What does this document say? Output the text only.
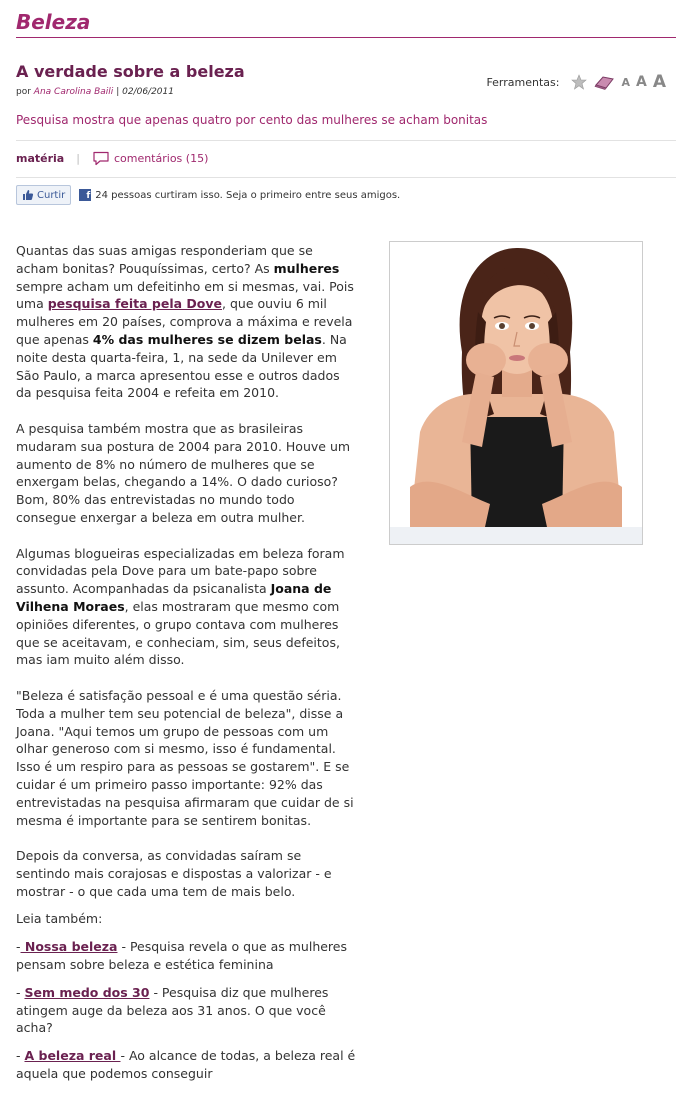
Beleza
A verdade sobre a beleza
por Ana Carolina Baili | 02/06/2011
Ferramentas:	A A A
Pesquisa mostra que apenas quatro por cento das mulheres se acham bonitas
matéria |	comentários (15)
Curtir	f 24 pessoas curtiram isso. Seja o primeiro entre seus amigos.

Quantas das suas amigas responderiam que se acham bonitas? Pouquíssimas, certo? As mulheres sempre acham um defeitinho em si mesmas, vai. Pois uma pesquisa feita pela Dove, que ouviu 6 mil mulheres em 20 países, comprova a máxima e revela que apenas 4% das mulheres se dizem belas. Na noite desta quarta-feira, 1, na sede da Unilever em São Paulo, a marca apresentou esse e outros dados da pesquisa feita 2004 e refeita em 2010.

A pesquisa também mostra que as brasileiras mudaram sua postura de 2004 para 2010. Houve um aumento de 8% no número de mulheres que se enxergam belas, chegando a 14%. O dado curioso? Bom, 80% das entrevistadas no mundo todo consegue enxergar a beleza em outra mulher.

Algumas blogueiras especializadas em beleza foram convidadas pela Dove para um bate-papo sobre assunto. Acompanhadas da psicanalista Joana de Vilhena Moraes, elas mostraram que mesmo com opiniões diferentes, o grupo contava com mulheres que se aceitavam, e conheciam, sim, seus defeitos, mas iam muito além disso.

"Beleza é satisfação pessoal e é uma questão séria. Toda a mulher tem seu potencial de beleza", disse a Joana. "Aqui temos um grupo de pessoas com um olhar generoso com si mesmo, isso é fundamental. Isso é um respiro para as pessoas se gostarem". E se cuidar é um primeiro passo importante: 92% das entrevistadas na pesquisa afirmaram que cuidar de si mesma é importante para se sentirem bonitas.

Depois da conversa, as convidadas saíram se sentindo mais corajosas e dispostas a valorizar - e mostrar - o que cada uma tem de mais belo.

Leia também:

- Nossa beleza - Pesquisa revela o que as mulheres pensam sobre beleza e estética feminina

- Sem medo dos 30 - Pesquisa diz que mulheres atingem auge da beleza aos 31 anos. O que você acha?

- A beleza real - Ao alcance de todas, a beleza real é aquela que podemos conseguir
